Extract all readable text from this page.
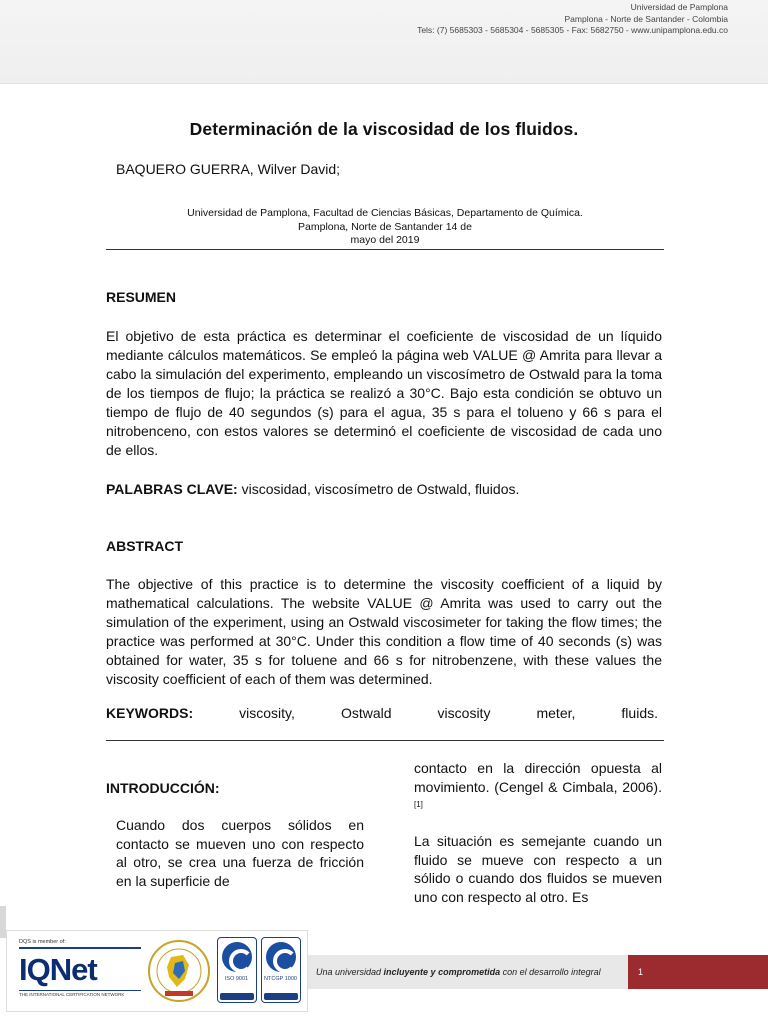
Universidad de Pamplona
Pamplona - Norte de Santander - Colombia
Tels: (7) 5685303 - 5685304 - 5685305 - Fax: 5682750 - www.unipamplona.edu.co
Determinación de la viscosidad de los fluidos.
BAQUERO GUERRA, Wilver David;
Universidad de Pamplona, Facultad de Ciencias Básicas, Departamento de Química.
Pamplona, Norte de Santander 14 de
mayo del 2019
RESUMEN
El objetivo de esta práctica es determinar el coeficiente de viscosidad de un líquido mediante cálculos matemáticos. Se empleó la página web VALUE @ Amrita para llevar a cabo la simulación del experimento, empleando un viscosímetro de Ostwald para la toma de los tiempos de flujo; la práctica se realizó a 30°C. Bajo esta condición se obtuvo un tiempo de flujo de 40 segundos (s) para el agua, 35 s para el tolueno y 66 s para el nitrobenceno, con estos valores se determinó el coeficiente de viscosidad de cada uno de ellos.
PALABRAS CLAVE: viscosidad, viscosímetro de Ostwald, fluidos.
ABSTRACT
The objective of this practice is to determine the viscosity coefficient of a liquid by mathematical calculations. The website VALUE @ Amrita was used to carry out the simulation of the experiment, using an Ostwald viscosimeter for taking the flow times; the practice was performed at 30°C. Under this condition a flow time of 40 seconds (s) was obtained for water, 35 s for toluene and 66 s for nitrobenzene, with these values the viscosity coefficient of each of them was determined.
KEYWORDS:	viscosity,	Ostwald	viscosity	meter,	fluids.
INTRODUCCIÓN:
Cuando dos cuerpos sólidos en contacto se mueven uno con respecto al otro, se crea una fuerza de fricción en la superficie de
contacto en la dirección opuesta al movimiento. (Cengel & Cimbala, 2006). [1]
La situación es semejante cuando un fluido se mueve con respecto a un sólido o cuando dos fluidos se mueven uno con respecto al otro. Es
DQS is member of:
IQNet
THE INTERNATIONAL CERTIFICATION NETWORK
ISO 9001	NTCGP 1000
Una universidad incluyente y comprometida con el desarrollo integral	1
